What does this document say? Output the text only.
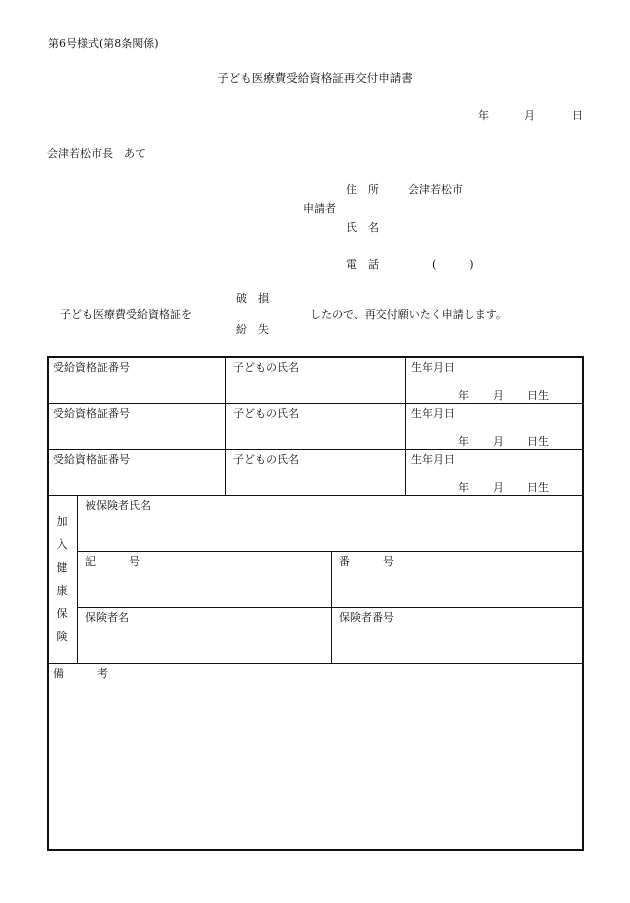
第6号様式(第8条関係)
子ども医療費受給資格証再交付申請書
年	月	日
会津若松市長　あて
住　所	会津若松市
申請者
氏　名
電　話	(　　　)
破　損
子ども医療費受給資格証を	したので、再交付願いたく申請します。
紛　失
受給資格証番号	子どもの氏名	生年月日
年 月 日生
受給資格証番号	子どもの氏名	生年月日
年 月 日生
受給資格証番号	子どもの氏名	生年月日
年 月 日生
加
入
健
康
保
険
被保険者氏名
記　　　号	番　　　号
保険者名	保険者番号
備　　　考
